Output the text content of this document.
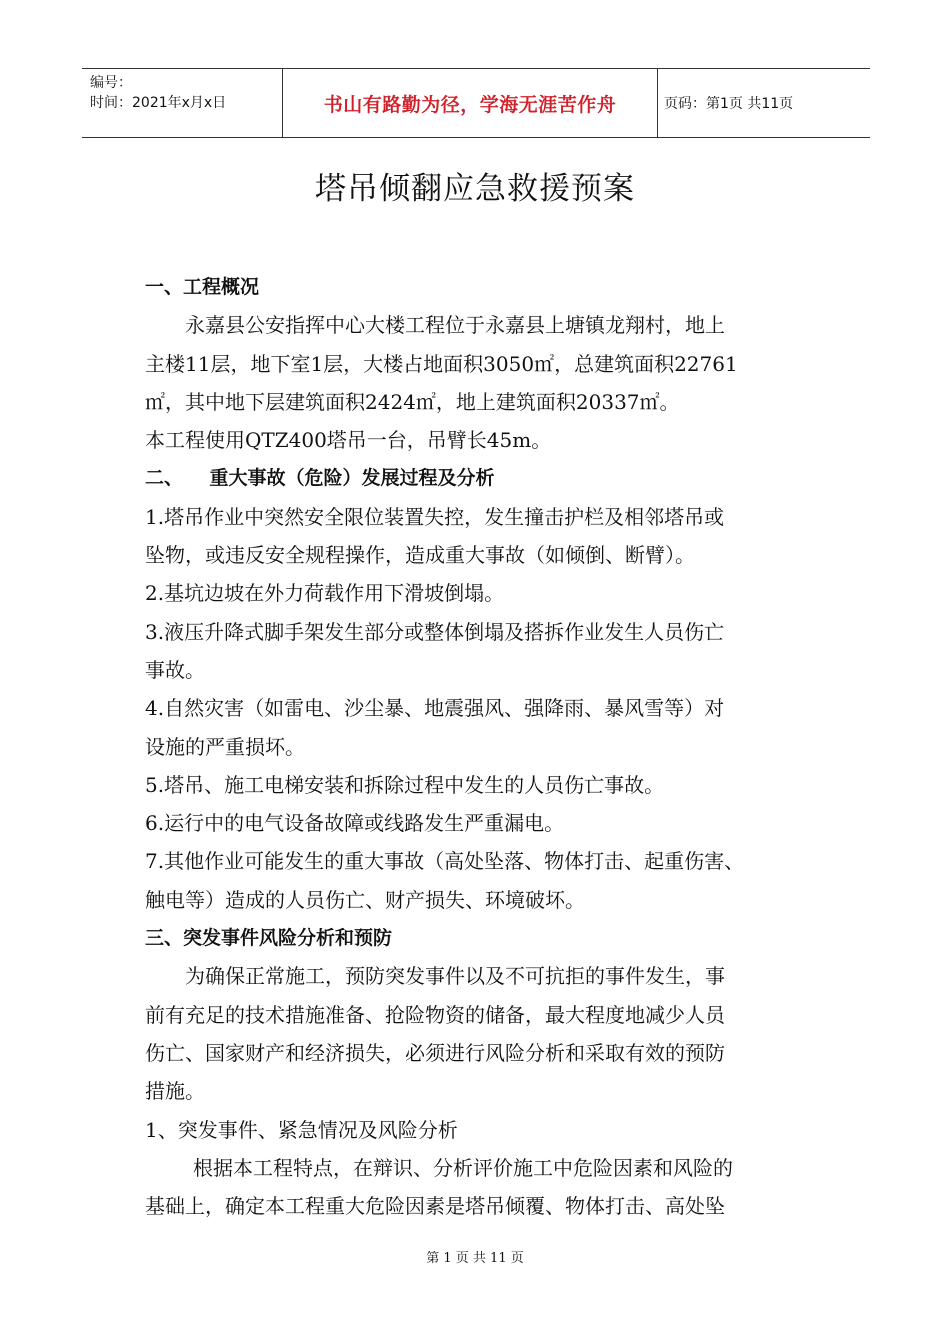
编号：
时间：2021年x月x日	书山有路勤为径，学海无涯苦作舟	页码：第1页 共11页
塔吊倾翻应急救援预案
一、工程概况
永嘉县公安指挥中心大楼工程位于永嘉县上塘镇龙翔村，地上
主楼11层，地下室1层，大楼占地面积3050㎡，总建筑面积22761
㎡，其中地下层建筑面积2424㎡，地上建筑面积20337㎡。
本工程使用QTZ400塔吊一台，吊臂长45m。
二、    重大事故（危险）发展过程及分析
1.塔吊作业中突然安全限位装置失控，发生撞击护栏及相邻塔吊或
坠物，或违反安全规程操作，造成重大事故（如倾倒、断臂）。
2.基坑边坡在外力荷载作用下滑坡倒塌。
3.液压升降式脚手架发生部分或整体倒塌及搭拆作业发生人员伤亡
事故。
4.自然灾害（如雷电、沙尘暴、地震强风、强降雨、暴风雪等）对
设施的严重损坏。
5.塔吊、施工电梯安装和拆除过程中发生的人员伤亡事故。
6.运行中的电气设备故障或线路发生严重漏电。
7.其他作业可能发生的重大事故（高处坠落、物体打击、起重伤害、
触电等）造成的人员伤亡、财产损失、环境破坏。
三、突发事件风险分析和预防
为确保正常施工，预防突发事件以及不可抗拒的事件发生，事
前有充足的技术措施准备、抢险物资的储备，最大程度地减少人员
伤亡、国家财产和经济损失，必须进行风险分析和采取有效的预防
措施。
1、突发事件、紧急情况及风险分析
根据本工程特点，在辩识、分析评价施工中危险因素和风险的
基础上，确定本工程重大危险因素是塔吊倾覆、物体打击、高处坠
第 1 页 共 11 页
